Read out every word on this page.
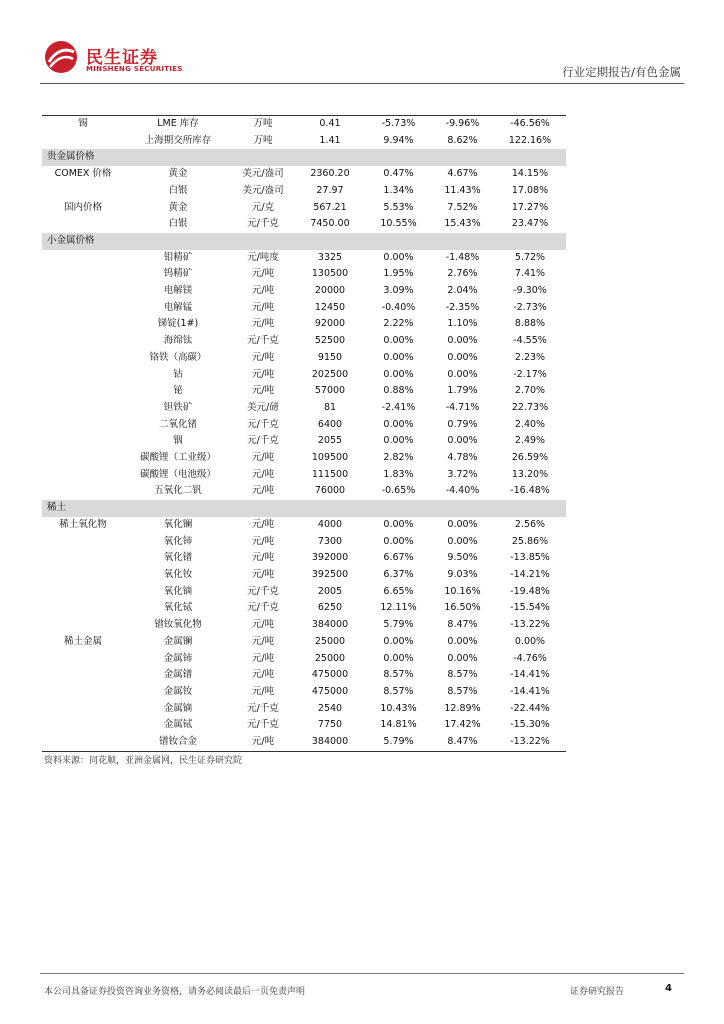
民生证券
MINSHENG SECURITIES	行业定期报告/有色金属
锡	LME 库存	万吨	0.41	-5.73%	-9.96%	-46.56%
	上海期交所库存	万吨	1.41	9.94%	8.62%	122.16%
贵金属价格						
COMEX 价格	黄金	美元/盎司	2360.20	0.47%	4.67%	14.15%
	白银	美元/盎司	27.97	1.34%	11.43%	17.08%
国内价格	黄金	元/克	567.21	5.53%	7.52%	17.27%
	白银	元/千克	7450.00	10.55%	15.43%	23.47%
小金属价格						
	钼精矿	元/吨度	3325	0.00%	-1.48%	5.72%
	钨精矿	元/吨	130500	1.95%	2.76%	7.41%
	电解镁	元/吨	20000	3.09%	2.04%	-9.30%
	电解锰	元/吨	12450	-0.40%	-2.35%	-2.73%
	锑锭(1#)	元/吨	92000	2.22%	1.10%	8.88%
	海绵钛	元/千克	52500	0.00%	0.00%	-4.55%
	铬铁（高碳）	元/吨	9150	0.00%	0.00%	2.23%
	钴	元/吨	202500	0.00%	0.00%	-2.17%
	铋	元/吨	57000	0.88%	1.79%	2.70%
	钽铁矿	美元/磅	81	-2.41%	-4.71%	22.73%
	二氧化锗	元/千克	6400	0.00%	0.79%	2.40%
	铟	元/千克	2055	0.00%	0.00%	2.49%
	碳酸锂（工业级）	元/吨	109500	2.82%	4.78%	26.59%
	碳酸锂（电池级）	元/吨	111500	1.83%	3.72%	13.20%
	五氧化二钒	元/吨	76000	-0.65%	-4.40%	-16.48%
稀土						
稀土氧化物	氧化镧	元/吨	4000	0.00%	0.00%	2.56%
	氧化铈	元/吨	7300	0.00%	0.00%	25.86%
	氧化镨	元/吨	392000	6.67%	9.50%	-13.85%
	氧化钕	元/吨	392500	6.37%	9.03%	-14.21%
	氧化镝	元/千克	2005	6.65%	10.16%	-19.48%
	氧化铽	元/千克	6250	12.11%	16.50%	-15.54%
	镨钕氧化物	元/吨	384000	5.79%	8.47%	-13.22%
稀土金属	金属镧	元/吨	25000	0.00%	0.00%	0.00%
	金属铈	元/吨	25000	0.00%	0.00%	-4.76%
	金属镨	元/吨	475000	8.57%	8.57%	-14.41%
	金属钕	元/吨	475000	8.57%	8.57%	-14.41%
	金属镝	元/千克	2540	10.43%	12.89%	-22.44%
	金属铽	元/千克	7750	14.81%	17.42%	-15.30%
	镨钕合金	元/吨	384000	5.79%	8.47%	-13.22%
资料来源：同花顺，亚洲金属网，民生证券研究院
本公司具备证券投资咨询业务资格，请务必阅读最后一页免责声明	证券研究报告	4
